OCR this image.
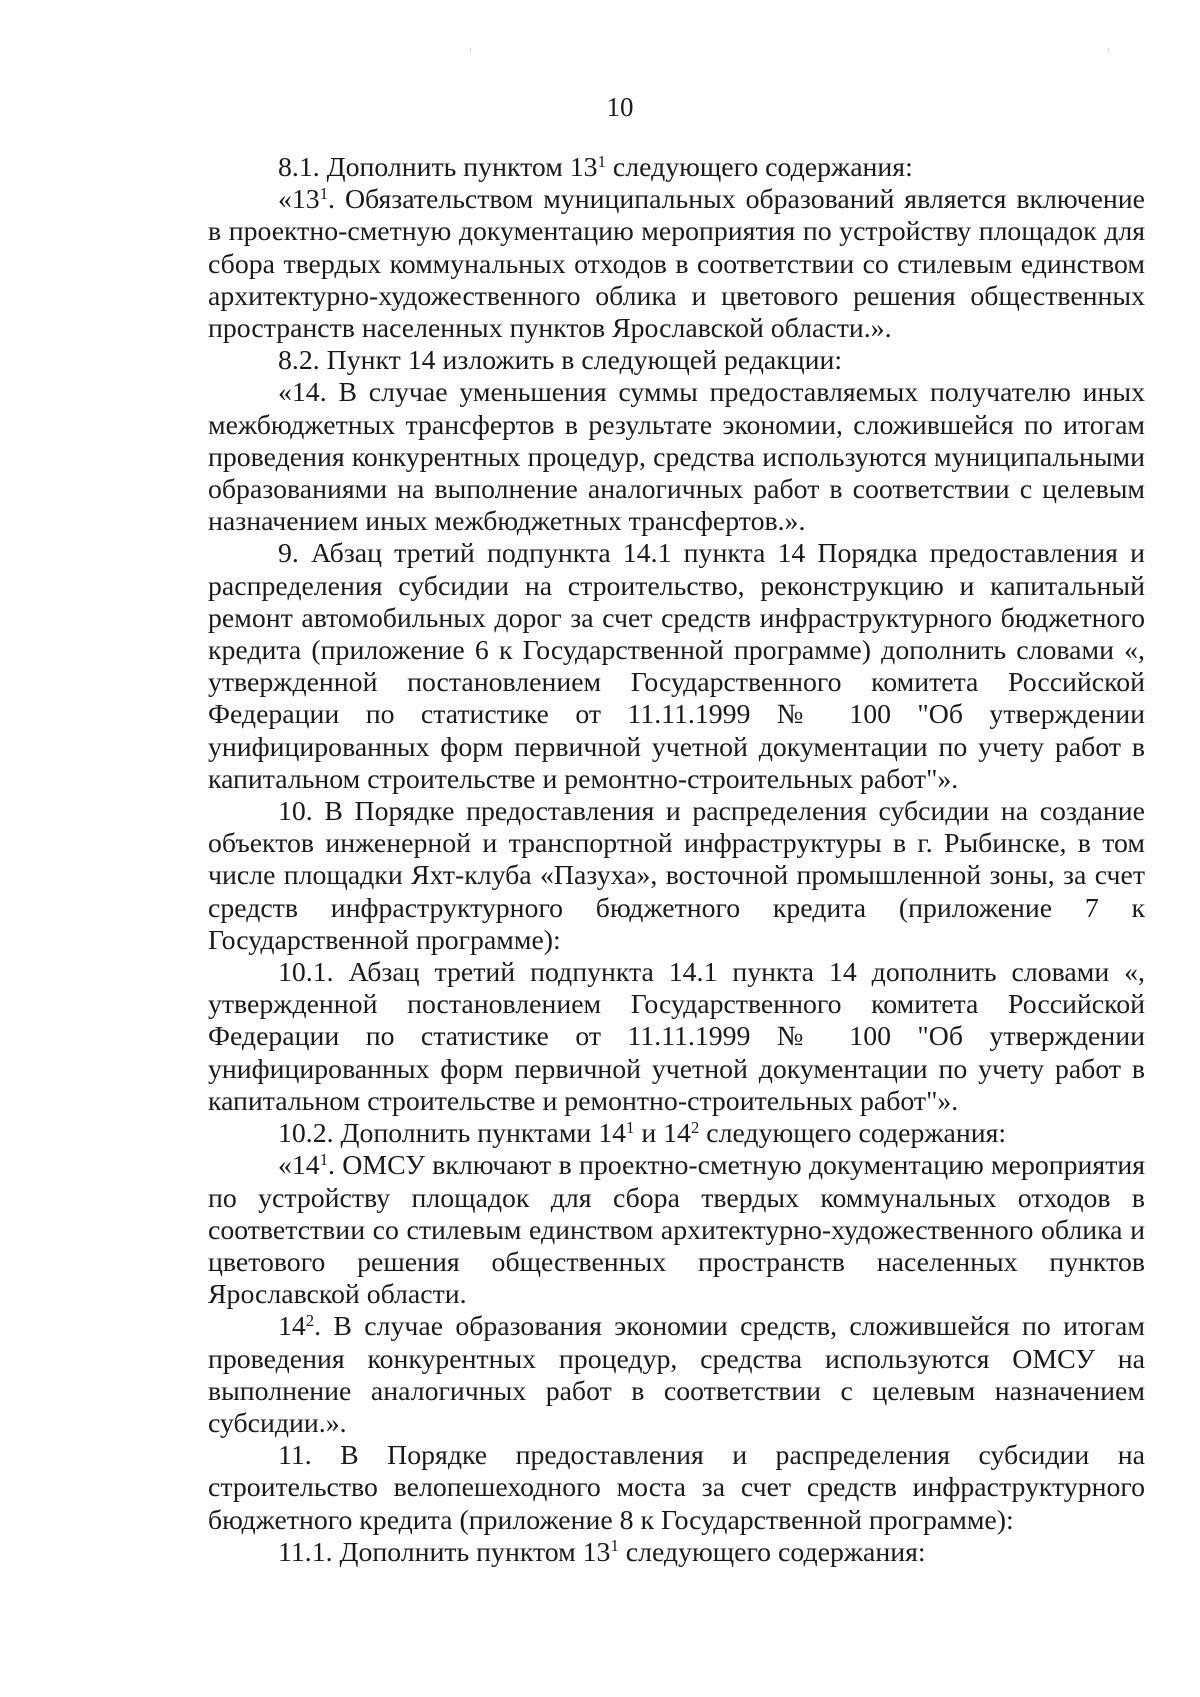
10

8.1. Дополнить пунктом $13^1$ следующего содержания:

«$13^1$. Обязательством муниципальных образований является включение в проектно-сметную документацию мероприятия по устройству площадок для сбора твердых коммунальных отходов в соответствии со стилевым единством архитектурно-художественного облика и цветового решения общественных пространств населенных пунктов Ярославской области.».

8.2. Пункт 14 изложить в следующей редакции:

«14. В случае уменьшения суммы предоставляемых получателю иных межбюджетных трансфертов в результате экономии, сложившейся по итогам проведения конкурентных процедур, средства используются муниципальными образованиями на выполнение аналогичных работ в соответствии с целевым назначением иных межбюджетных трансфертов.».

9. Абзац третий подпункта 14.1 пункта 14 Порядка предоставления и распределения субсидии на строительство, реконструкцию и капитальный ремонт автомобильных дорог за счет средств инфраструктурного бюджетного кредита (приложение 6 к Государственной программе) дополнить словами «, утвержденной постановлением Государственного комитета Российской Федерации по статистике от 11.11.1999 № 100 "Об утверждении унифицированных форм первичной учетной документации по учету работ в капитальном строительстве и ремонтно-строительных работ"».

10. В Порядке предоставления и распределения субсидии на создание объектов инженерной и транспортной инфраструктуры в г. Рыбинске, в том числе площадки Яхт-клуба «Пазуха», восточной промышленной зоны, за счет средств инфраструктурного бюджетного кредита (приложение 7 к Государственной программе):

10.1. Абзац третий подпункта 14.1 пункта 14 дополнить словами «, утвержденной постановлением Государственного комитета Российской Федерации по статистике от 11.11.1999 № 100 "Об утверждении унифицированных форм первичной учетной документации по учету работ в капитальном строительстве и ремонтно-строительных работ"».

10.2. Дополнить пунктами $14^1$ и $14^2$ следующего содержания:

«$14^1$. ОМСУ включают в проектно-сметную документацию мероприятия по устройству площадок для сбора твердых коммунальных отходов в соответствии со стилевым единством архитектурно-художественного облика и цветового решения общественных пространств населенных пунктов Ярославской области.

$14^2$. В случае образования экономии средств, сложившейся по итогам проведения конкурентных процедур, средства используются ОМСУ на выполнение аналогичных работ в соответствии с целевым назначением субсидии.».

11. В Порядке предоставления и распределения субсидии на строительство велопешеходного моста за счет средств инфраструктурного бюджетного кредита (приложение 8 к Государственной программе):

11.1. Дополнить пунктом $13^1$ следующего содержания:
